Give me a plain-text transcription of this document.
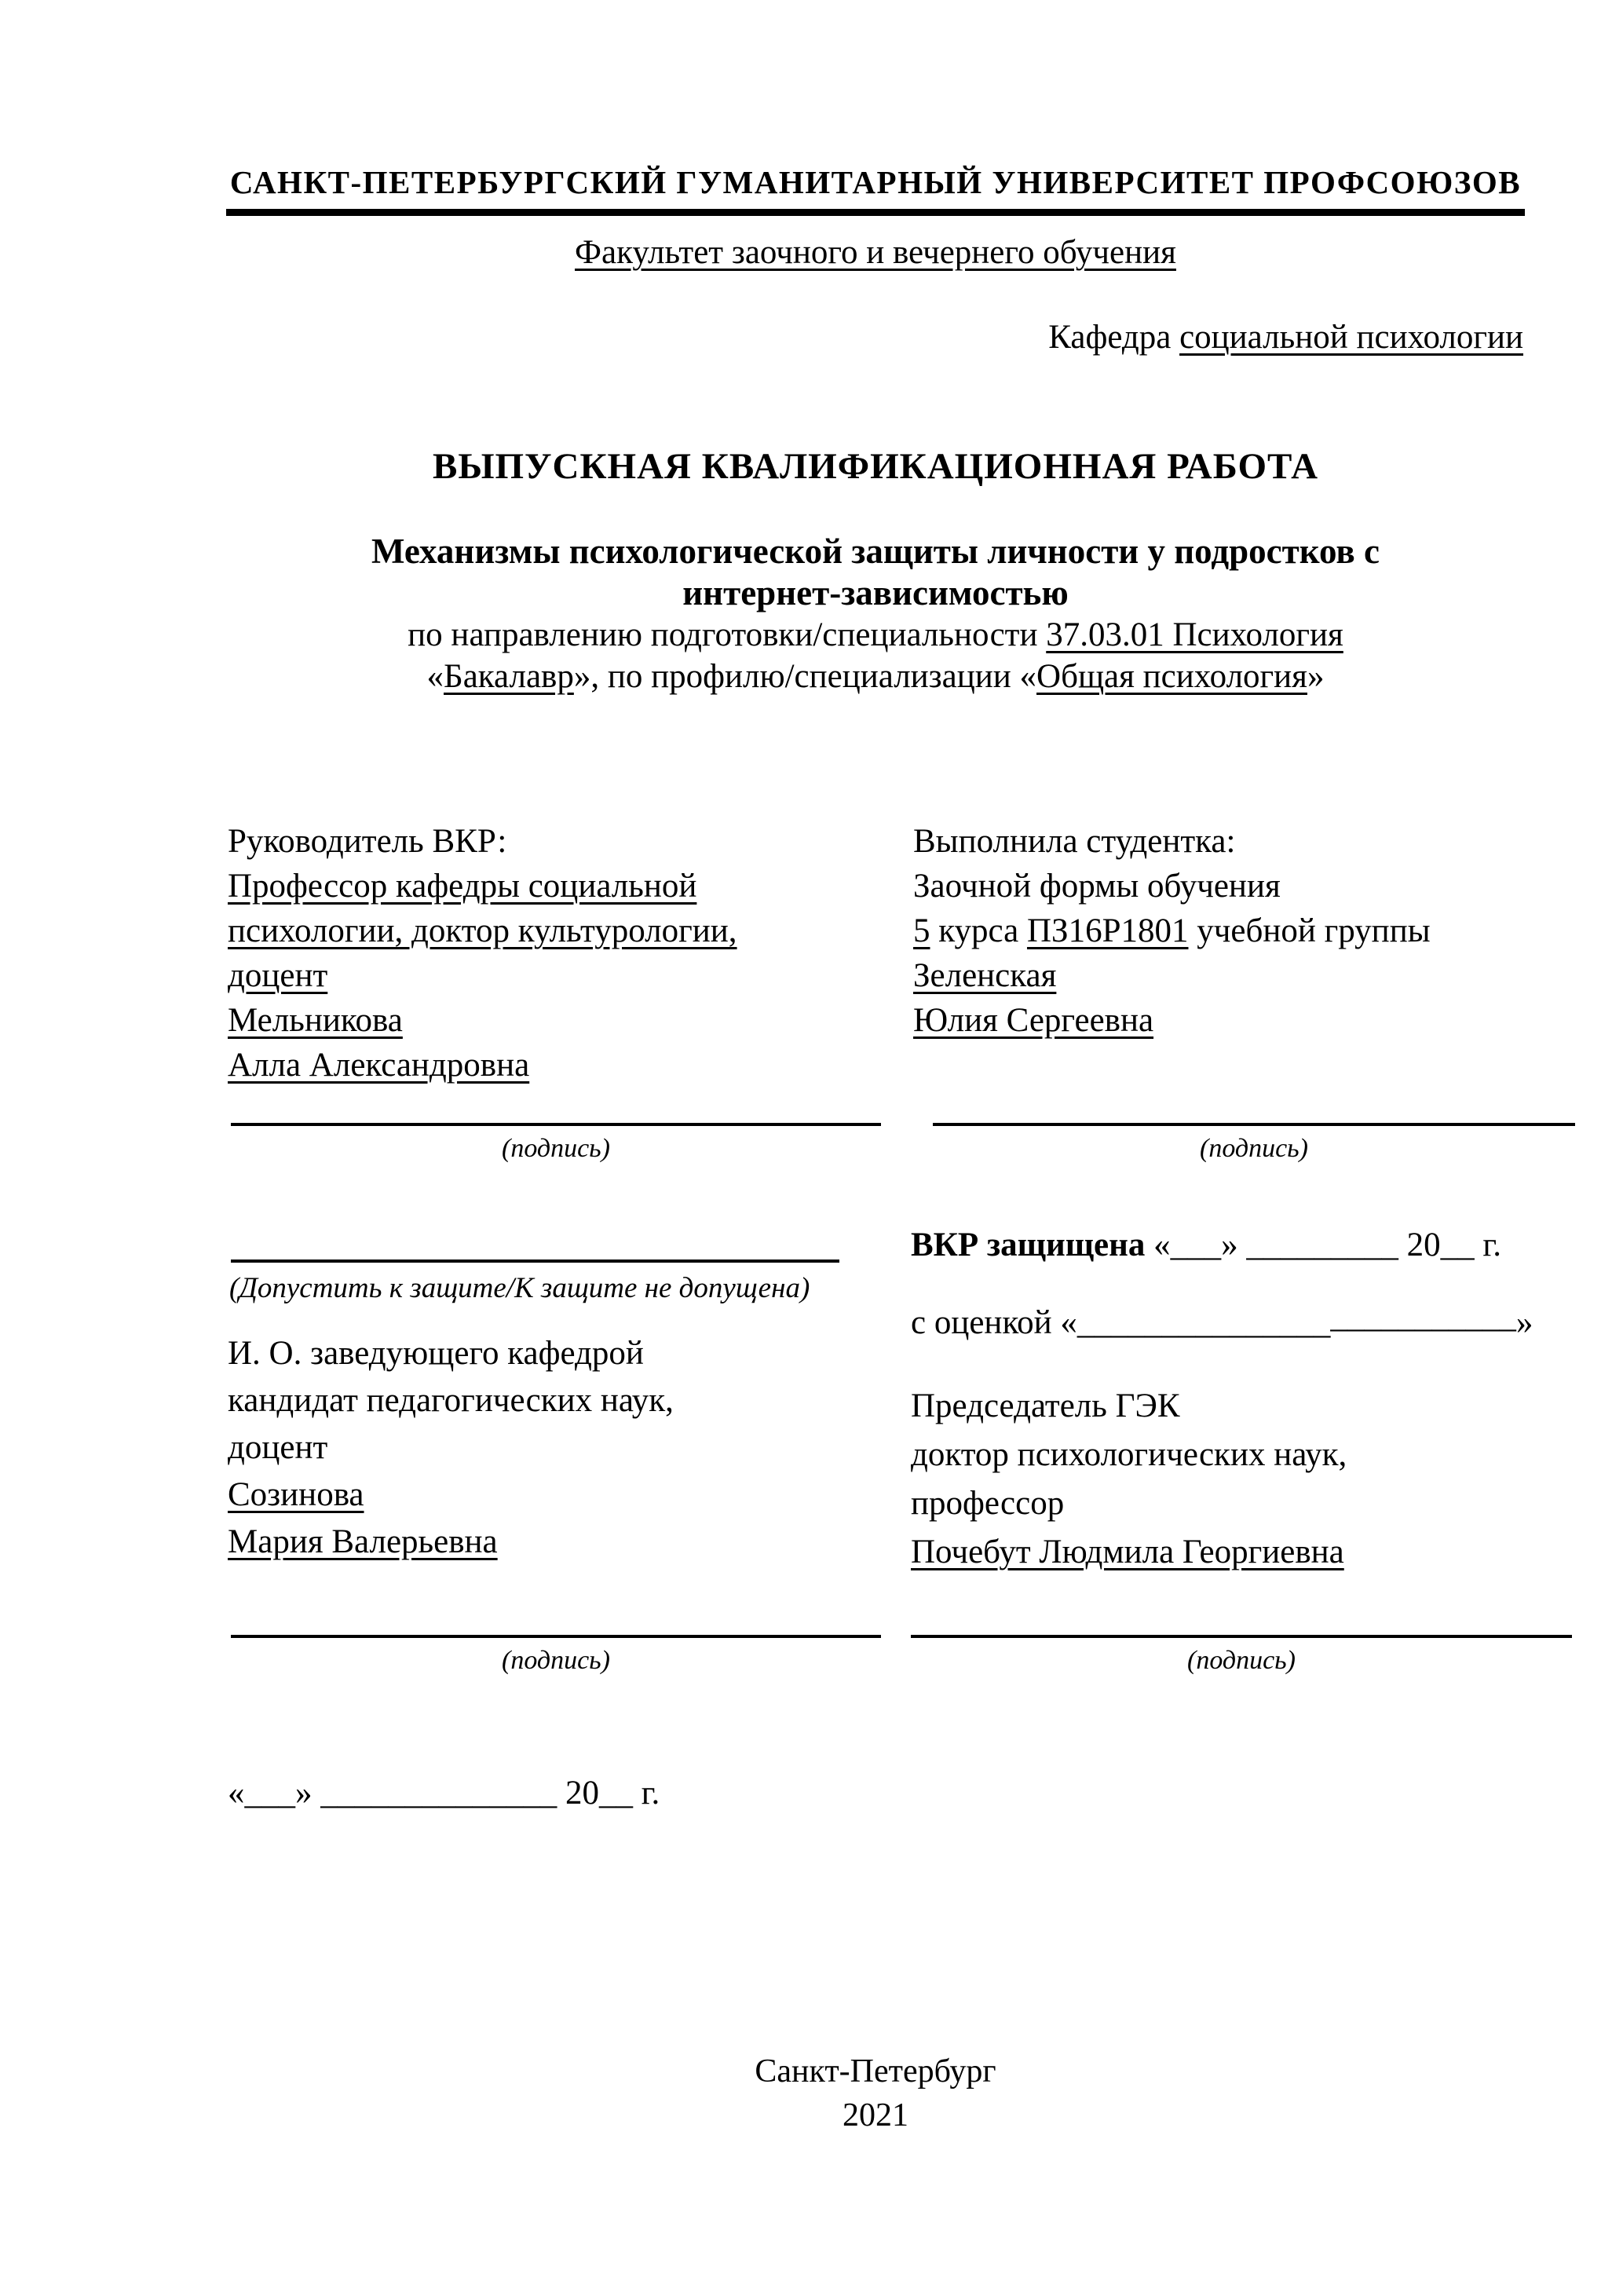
САНКТ-ПЕТЕРБУРГСКИЙ ГУМАНИТАРНЫЙ УНИВЕРСИТЕТ ПРОФСОЮЗОВ
Факультет заочного и вечернего обучения
Кафедра социальной психологии
ВЫПУСКНАЯ КВАЛИФИКАЦИОННАЯ РАБОТА
Механизмы психологической защиты личности у подростков с
интернет-зависимостью
по направлению подготовки/специальности 37.03.01 Психология
«Бакалавр», по профилю/специализации «Общая психология»
Руководитель ВКР:
Профессор кафедры социальной
психологии, доктор культурологии,
доцент
Мельникова
Алла Александровна
Выполнила студентка:
Заочной формы обучения
5 курса ПЗ16Р1801 учебной группы
Зеленская
Юлия Сергеевна
(подпись)	(подпись)
(Допустить к защите/К защите не допущена)
И. О. заведующего кафедрой
кандидат педагогических наук,
доцент
Созинова
Мария Валерьевна
ВКР защищена «___» _________ 20__ г.
с оценкой «__________________________»
Председатель ГЭК
доктор психологических наук,
профессор
Почебут Людмила Георгиевна
(подпись)	(подпись)
«___» ______________ 20__ г.
Санкт-Петербург
2021
